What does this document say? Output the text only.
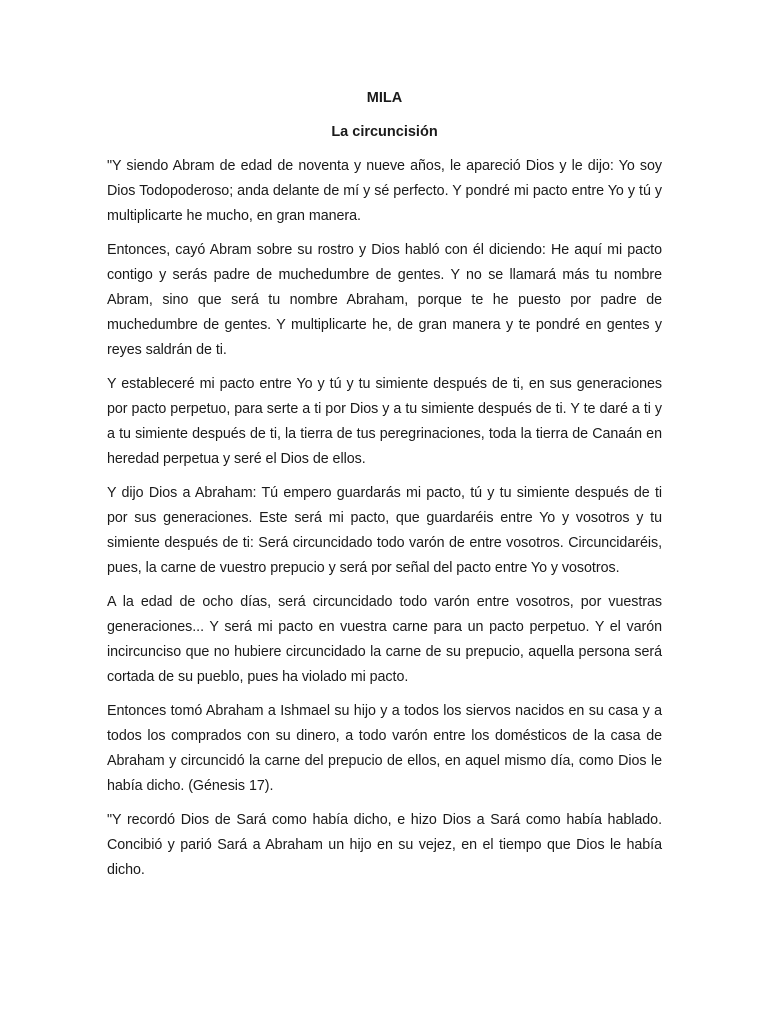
MILA
La circuncisión

"Y siendo Abram de edad de noventa y nueve años, le apareció Dios y le dijo: Yo soy Dios Todopoderoso; anda delante de mí y sé perfecto. Y pondré mi pacto entre Yo y tú y multiplicarte he mucho, en gran manera.

Entonces, cayó Abram sobre su rostro y Dios habló con él diciendo: He aquí mi pacto contigo y serás padre de muchedumbre de gentes. Y no se llamará más tu nombre Abram, sino que será tu nombre Abraham, porque te he puesto por padre de muchedumbre de gentes. Y multiplicarte he, de gran manera y te pondré en gentes y reyes saldrán de ti.

Y estableceré mi pacto entre Yo y tú y tu simiente después de ti, en sus generaciones por pacto perpetuo, para serte a ti por Dios y a tu simiente después de ti. Y te daré a ti y a tu simiente después de ti, la tierra de tus peregrinaciones, toda la tierra de Canaán en heredad perpetua y seré el Dios de ellos.

Y dijo Dios a Abraham: Tú empero guardarás mi pacto, tú y tu simiente después de ti por sus generaciones. Este será mi pacto, que guardaréis entre Yo y vosotros y tu simiente después de ti: Será circuncidado todo varón de entre vosotros. Circuncidaréis, pues, la carne de vuestro prepucio y será por señal del pacto entre Yo y vosotros.

A la edad de ocho días, será circuncidado todo varón entre vosotros, por vuestras generaciones... Y será mi pacto en vuestra carne para un pacto perpetuo. Y el varón incircunciso que no hubiere circuncidado la carne de su prepucio, aquella persona será cortada de su pueblo, pues ha violado mi pacto.

Entonces tomó Abraham a Ishmael su hijo y a todos los siervos nacidos en su casa y a todos los comprados con su dinero, a todo varón entre los domésticos de la casa de Abraham y circuncidó la carne del prepucio de ellos, en aquel mismo día, como Dios le había dicho. (Génesis 17).

"Y recordó Dios de Sará como había dicho, e hizo Dios a Sará como había hablado. Concibió y parió Sará a Abraham un hijo en su vejez, en el tiempo que Dios le había dicho.
